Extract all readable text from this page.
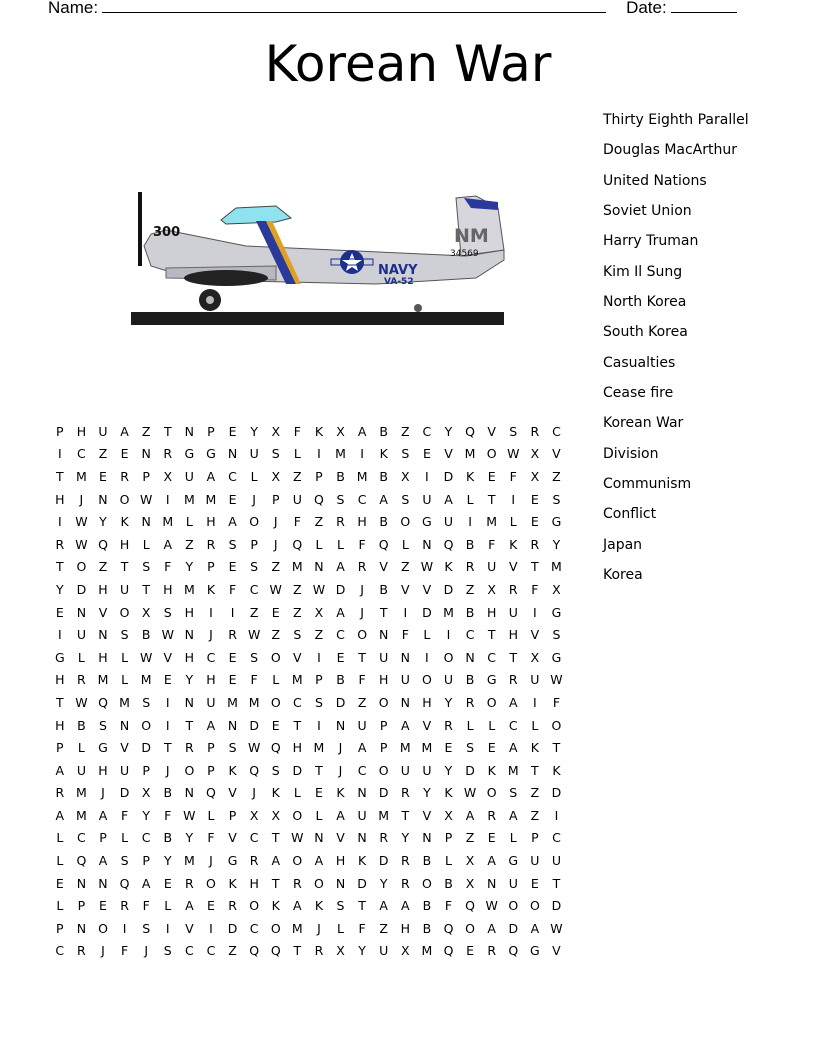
Name:	Date:
Korean War
300	NM
34569
NAVY
VA-52
P	H U	A	Z	T	N	P	E	Y	X	F	K	X	A	B	Z	C	Y	Q V	S	R	C
I	C	Z	E	N	R G G N U	S	L	I	M	I	K	S	E	V M O W X	V
T M E	R	P	X	U	A	C	L	X	Z	P	B M B	X	I	D	K	E	F	X	Z
H	J	N O W	I	M M E	J	P	U Q	S	C	A	S	U	A	L	T	I	E	S
I	W Y	K	N M	L	H	A O	J	F	Z	R	H	B O G U	I	M	L	E	G
R W Q H	L	A	Z	R	S	P	J	Q	L	L	F	Q	L	N Q B	F	K	R	Y
T	O Z	T	S	F	Y	P	E	S	Z M N	A	R	V	Z W K	R	U	V	T M
Y	D H U	T	H M K	F	C W Z W D	J	B	V	V D Z	X	R	F	X
E	N	V O X	S	H	I	I	Z	E	Z	X	A	J	T	I	D M B	H U	I	G
I	U N	S	B W N	J	R W Z	S	Z	C O N	F	L	I	C	T	H	V	S
G	L	H	L W V	H	C	E	S	O V	I	E	T	U N	I	O N	C	T	X G
H	R M	L	M E	Y	H	E	F	L	M P	B	F	H U O U	B G R	U W
T W Q M S	I	N U M M O C	S	D Z O N H	Y	R O A	I	F
H	B	S	N O	I	T	A	N D	E	T	I	N U	P	A	V	R	L	L	C	L	O
P	L	G V D	T	R	P	S W Q H M	J	A	P M M E	S	E	A	K	T
A	U H U	P	J	O	P	K	Q	S	D	T	J	C O U U	Y	D	K M T	K
R M	J	D X	B	N Q V	J	K	L	E	K	N D R	Y	K W O	S	Z D
A M A	F	Y	F W L	P	X	X O	L	A	U M T	V	X	A	R	A	Z	I
L	C	P	L	C	B	Y	F	V	C	T W N	V	N	R	Y	N	P	Z	E	L	P	C
L	Q A	S	P	Y M	J	G R	A O A	H	K	D R	B	L	X	A G U U
E	N N Q A	E	R O	K	H	T	R O N D	Y	R O B	X	N U	E	T
L	P	E	R	F	L	A	E	R O	K	A	K	S	T	A	A	B	F	Q W O O D
P	N O	I	S	I	V	I	D C O M	J	L	F	Z	H	B Q O A D	A W
C	R	J	F	J	S	C	C	Z Q Q	T	R	X	Y	U	X M Q	E	R Q G V
Thirty Eighth Parallel
Douglas MacArthur
United Nations
Soviet Union
Harry Truman
Kim Il Sung
North Korea
South Korea
Casualties
Cease fire
Korean War
Division
Communism
Conflict
Japan
Korea
